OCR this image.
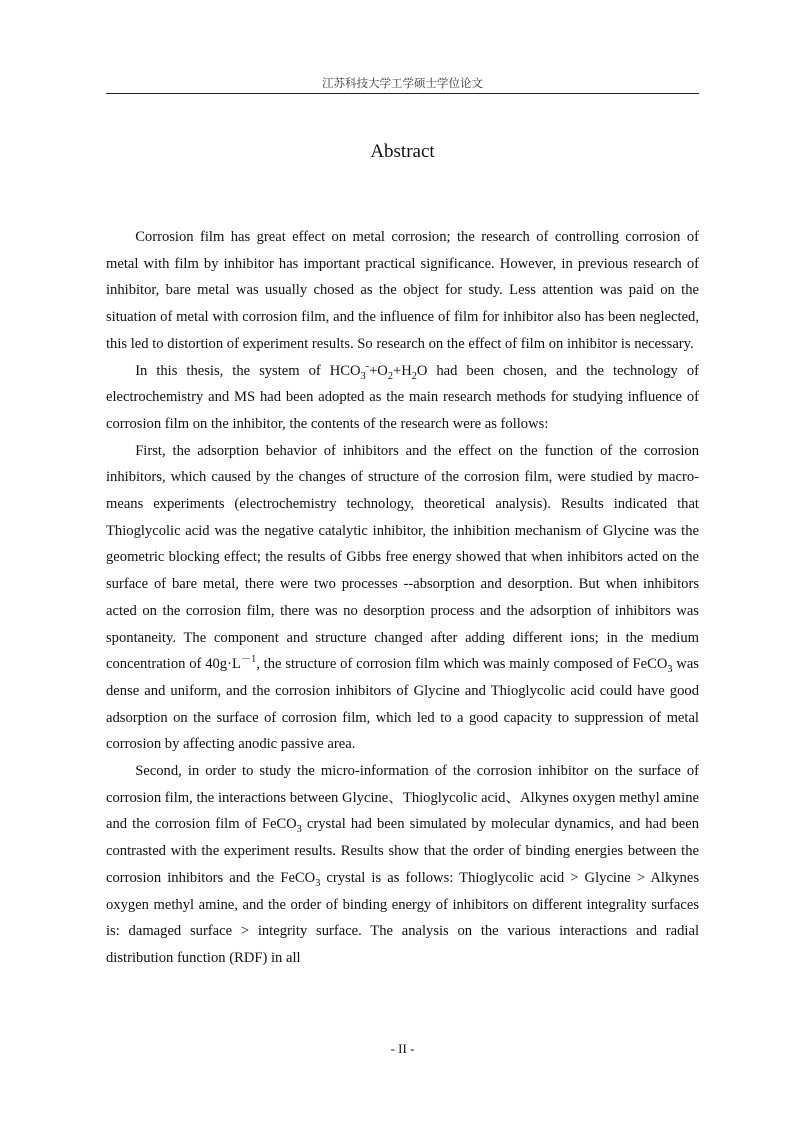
江苏科技大学工学硕士学位论文
Abstract

Corrosion film has great effect on metal corrosion; the research of controlling corrosion of metal with film by inhibitor has important practical significance. However, in previous research of inhibitor, bare metal was usually chosed as the object for study. Less attention was paid on the situation of metal with corrosion film, and the influence of film for inhibitor also has been neglected, this led to distortion of experiment results. So research on the effect of film on inhibitor is necessary.

In this thesis, the system of $HCO_3^-+O_2+H_2O$ had been chosen, and the technology of electrochemistry and MS had been adopted as the main research methods for studying influence of corrosion film on the inhibitor, the contents of the research were as follows:

First, the adsorption behavior of inhibitors and the effect on the function of the corrosion inhibitors, which caused by the changes of structure of the corrosion film, were studied by macro-means experiments (electrochemistry technology, theoretical analysis). Results indicated that Thioglycolic acid was the negative catalytic inhibitor, the inhibition mechanism of Glycine was the geometric blocking effect; the results of Gibbs free energy showed that when inhibitors acted on the surface of bare metal, there were two processes --absorption and desorption. But when inhibitors acted on the corrosion film, there was no desorption process and the adsorption of inhibitors was spontaneity. The component and structure changed after adding different ions; in the medium concentration of $40g\cdot L^{-1}$, the structure of corrosion film which was mainly composed of FeCO$_3$ was dense and uniform, and the corrosion inhibitors of Glycine and Thioglycolic acid could have good adsorption on the surface of corrosion film, which led to a good capacity to suppression of metal corrosion by affecting anodic passive area.

Second, in order to study the micro-information of the corrosion inhibitor on the surface of corrosion film, the interactions between Glycine、Thioglycolic acid、Alkynes oxygen methyl amine and the corrosion film of FeCO$_3$ crystal had been simulated by molecular dynamics, and had been contrasted with the experiment results. Results show that the order of binding energies between the corrosion inhibitors and the FeCO$_3$ crystal is as follows: Thioglycolic acid > Glycine > Alkynes oxygen methyl amine, and the order of binding energy of inhibitors on different integrality surfaces is: damaged surface > integrity surface. The analysis on the various interactions and radial distribution function (RDF) in all

- II -
